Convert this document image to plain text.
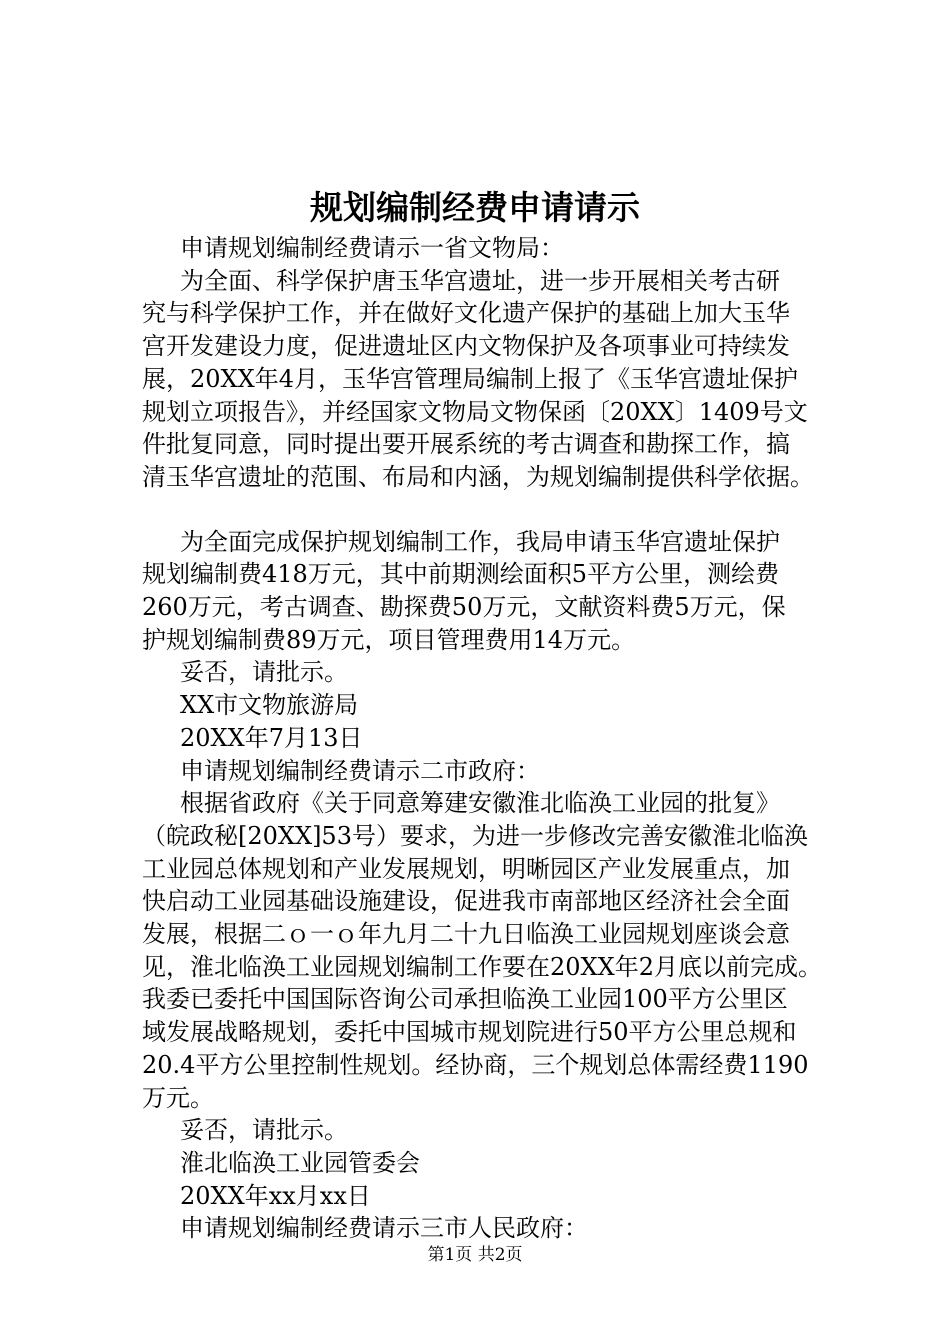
规划编制经费申请请示

申请规划编制经费请示一省文物局：

为全面、科学保护唐玉华宫遗址，进一步开展相关考古研

究与科学保护工作，并在做好文化遗产保护的基础上加大玉华

宫开发建设力度，促进遗址区内文物保护及各项事业可持续发

展，20XX年4月，玉华宫管理局编制上报了《玉华宫遗址保护

规划立项报告》，并经国家文物局文物保函〔20XX〕1409号文

件批复同意，同时提出要开展系统的考古调查和勘探工作，搞

清玉华宫遗址的范围、布局和内涵，为规划编制提供科学依据。

为全面完成保护规划编制工作，我局申请玉华宫遗址保护

规划编制费418万元，其中前期测绘面积5平方公里，测绘费

260万元，考古调查、勘探费50万元，文献资料费5万元，保

护规划编制费89万元，项目管理费用14万元。

妥否，请批示。

XX市文物旅游局

20XX年7月13日

申请规划编制经费请示二市政府：

根据省政府《关于同意筹建安徽淮北临涣工业园的批复》

（皖政秘[20XX]53号）要求，为进一步修改完善安徽淮北临涣

工业园总体规划和产业发展规划，明晰园区产业发展重点，加

快启动工业园基础设施建设，促进我市南部地区经济社会全面

发展，根据二ｏ一ｏ年九月二十九日临涣工业园规划座谈会意

见，淮北临涣工业园规划编制工作要在20XX年2月底以前完成。

我委已委托中国国际咨询公司承担临涣工业园100平方公里区

域发展战略规划，委托中国城市规划院进行50平方公里总规和

20.4平方公里控制性规划。经协商，三个规划总体需经费1190

万元。

妥否，请批示。

淮北临涣工业园管委会

20XX年xx月xx日

申请规划编制经费请示三市人民政府：

第1页 共2页
